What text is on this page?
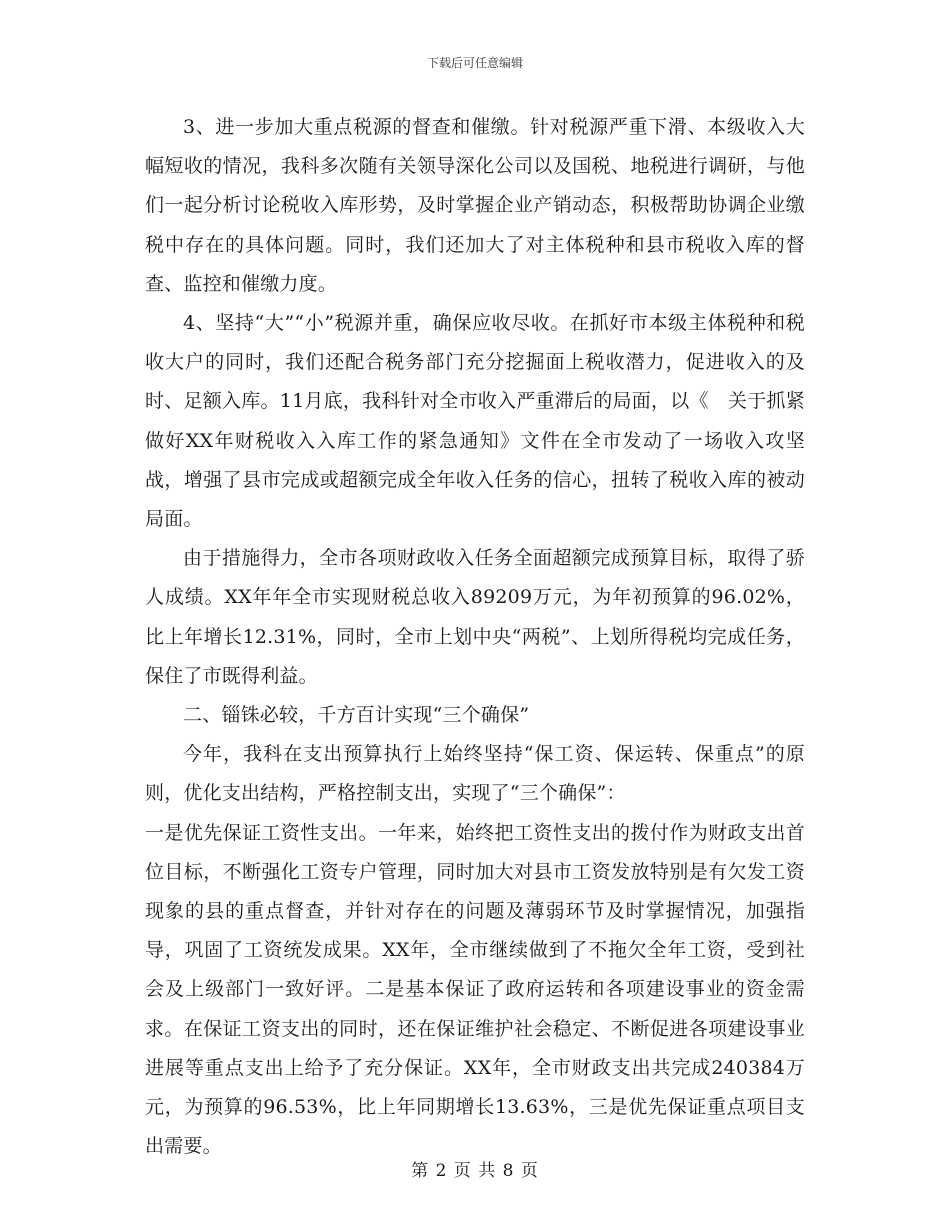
下载后可任意编辑

3、进一步加大重点税源的督查和催缴。针对税源严重下滑、本级收入大幅短收的情况，我科多次随有关领导深化公司以及国税、地税进行调研，与他们一起分析讨论税收入库形势，及时掌握企业产销动态，积极帮助协调企业缴税中存在的具体问题。同时，我们还加大了对主体税种和县市税收入库的督查、监控和催缴力度。

4、坚持“大”“小”税源并重，确保应收尽收。在抓好市本级主体税种和税收大户的同时，我们还配合税务部门充分挖掘面上税收潜力，促进收入的及时、足额入库。11月底，我科针对全市收入严重滞后的局面，以《　关于抓紧做好XX年财税收入入库工作的紧急通知》文件在全市发动了一场收入攻坚战，增强了县市完成或超额完成全年收入任务的信心，扭转了税收入库的被动局面。

由于措施得力，全市各项财政收入任务全面超额完成预算目标，取得了骄人成绩。XX年年全市实现财税总收入89209万元，为年初预算的96.02%，比上年增长12.31%，同时，全市上划中央“两税”、上划所得税均完成任务，保住了市既得利益。

二、锱铢必较，千方百计实现“三个确保”

今年，我科在支出预算执行上始终坚持“保工资、保运转、保重点”的原则，优化支出结构，严格控制支出，实现了“三个确保”：

一是优先保证工资性支出。一年来，始终把工资性支出的拨付作为财政支出首位目标，不断强化工资专户管理，同时加大对县市工资发放特别是有欠发工资现象的县的重点督查，并针对存在的问题及薄弱环节及时掌握情况，加强指导，巩固了工资统发成果。XX年，全市继续做到了不拖欠全年工资，受到社会及上级部门一致好评。二是基本保证了政府运转和各项建设事业的资金需求。在保证工资支出的同时，还在保证维护社会稳定、不断促进各项建设事业进展等重点支出上给予了充分保证。XX年，全市财政支出共完成240384万元，为预算的96.53%，比上年同期增长13.63%，三是优先保证重点项目支出需要。

第 2 页 共 8 页
